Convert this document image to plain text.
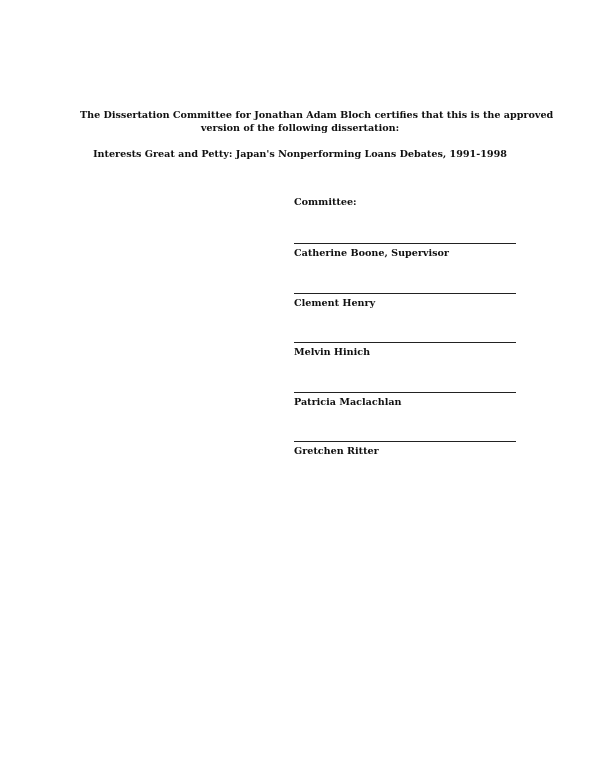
The Dissertation Committee for Jonathan Adam Bloch certifies that this is the approved
version of the following dissertation:
Interests Great and Petty: Japan's Nonperforming Loans Debates, 1991-1998
Committee:
Catherine Boone, Supervisor
Clement Henry
Melvin Hinich
Patricia Maclachlan
Gretchen Ritter
